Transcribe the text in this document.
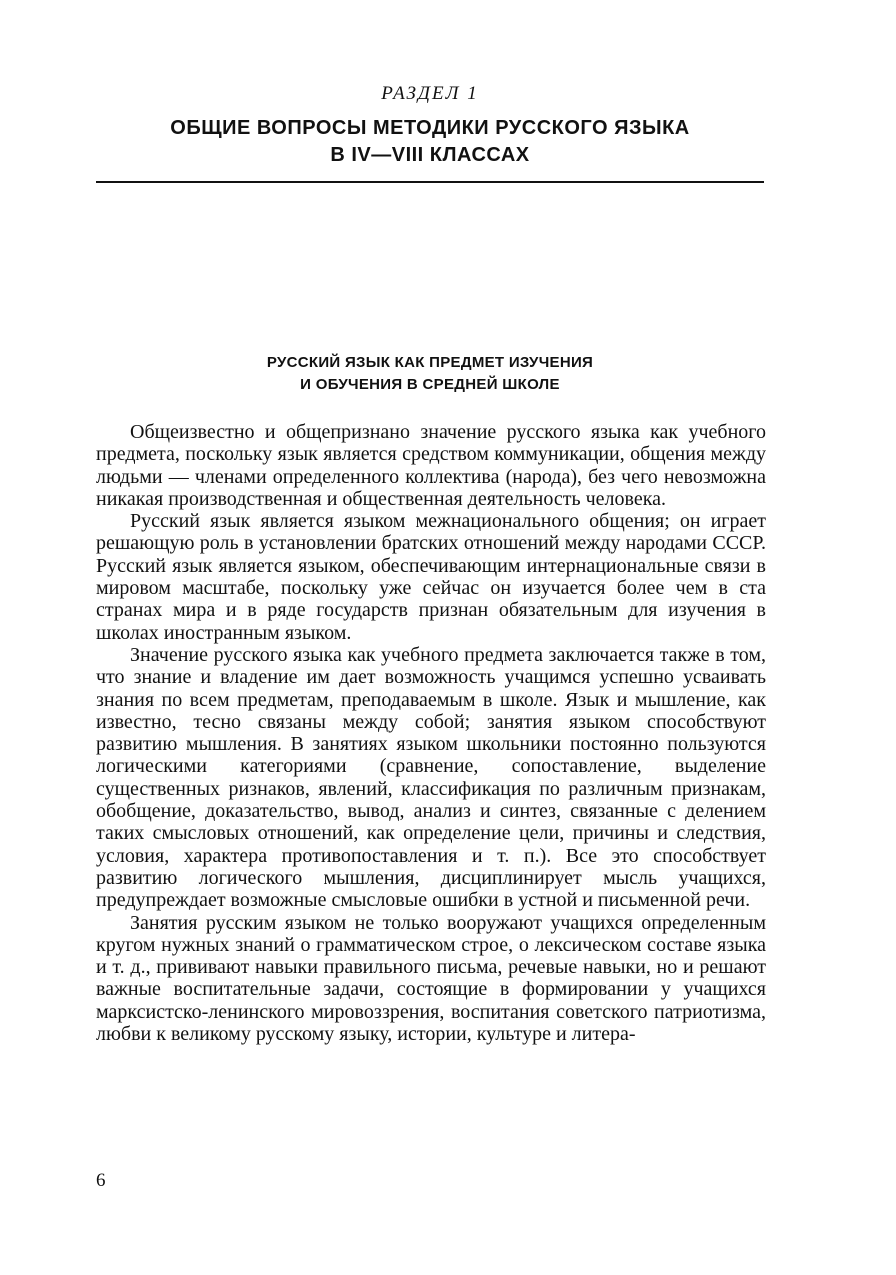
РАЗДЕЛ 1
ОБЩИЕ ВОПРОСЫ МЕТОДИКИ РУССКОГО ЯЗЫКА
В IV—VIII КЛАССАХ
РУССКИЙ ЯЗЫК КАК ПРЕДМЕТ ИЗУЧЕНИЯ
И ОБУЧЕНИЯ В СРЕДНЕЙ ШКОЛЕ

Общеизвестно и общепризнано значение русского языка как учебного предмета, поскольку язык является средством коммуникации, общения между людьми — членами определенного коллектива (народа), без чего невозможна никакая производственная и общественная деятельность человека.

Русский язык является языком межнационального общения; он играет решающую роль в установлении братских отношений между народами СССР. Русский язык является языком, обеспечивающим интернациональные связи в мировом масштабе, поскольку уже сейчас он изучается более чем в ста странах мира и в ряде государств признан обязательным для изучения в школах иностранным языком.

Значение русского языка как учебного предмета заключается также в том, что знание и владение им дает возможность учащимся успешно усваивать знания по всем предметам, преподаваемым в школе. Язык и мышление, как известно, тесно связаны между собой; занятия языком способствуют развитию мышления. В занятиях языком школьники постоянно пользуются логическими категориями (сравнение, сопоставление, выделение существенных ризнаков, явлений, классификация по различным признакам, обобщение, доказательство, вывод, анализ и синтез, связанные с делением таких смысловых отношений, как определение цели, причины и следствия, условия, характера противопоставления и т. п.). Все это способствует развитию логического мышления, дисциплинирует мысль учащихся, предупреждает возможные смысловые ошибки в устной и письменной речи.

Занятия русским языком не только вооружают учащихся определенным кругом нужных знаний о грамматическом строе, о лексическом составе языка и т. д., прививают навыки правильного письма, речевые навыки, но и решают важные воспитательные задачи, состоящие в формировании у учащихся марксистско-ленинского мировоззрения, воспитания советского патриотизма, любви к великому русскому языку, истории, культуре и литера-

6
